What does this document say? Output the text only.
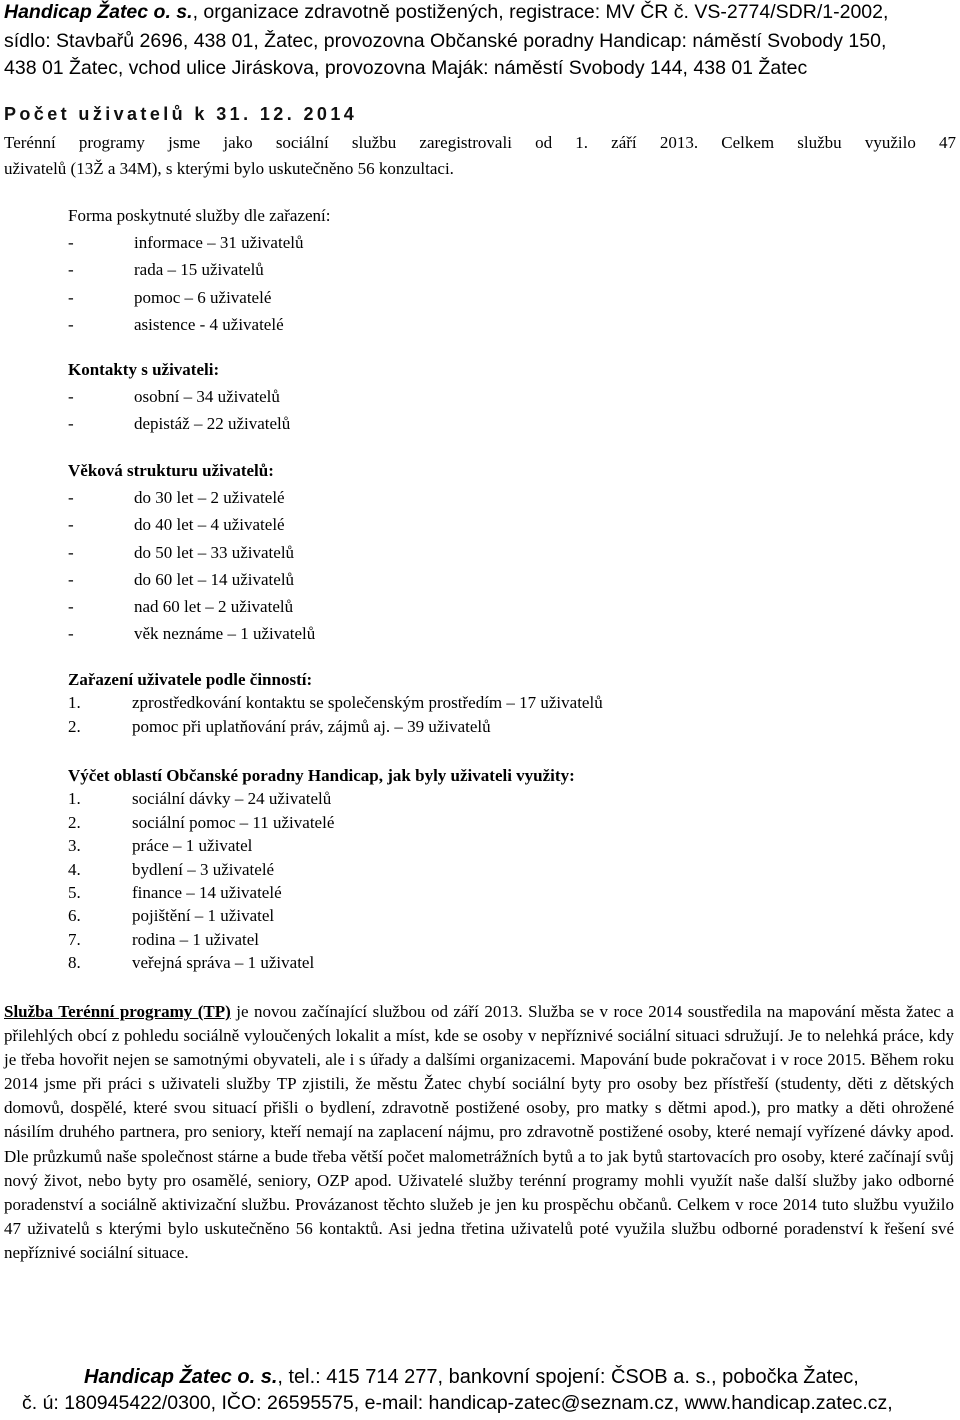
Handicap Žatec o. s., organizace zdravotně postižených, registrace: MV ČR č. VS-2774/SDR/1-2002,
sídlo: Stavbařů 2696, 438 01, Žatec, provozovna Občanské poradny Handicap: náměstí Svobody 150,
438 01 Žatec, vchod ulice Jiráskova, provozovna Maják: náměstí Svobody 144, 438 01 Žatec
Počet uživatelů k 31. 12. 2014
Terénní programy jsme jako sociální službu zaregistrovali od 1. září 2013. Celkem službu využilo 47
uživatelů (13Ž a 34M), s kterými bylo uskutečněno 56 konzultaci.
Forma poskytnuté služby dle zařazení:
-	informace – 31 uživatelů
-	rada – 15 uživatelů
-	pomoc – 6 uživatelé
-	asistence - 4 uživatelé
Kontakty s uživateli:
-	osobní – 34 uživatelů
-	depistáž – 22 uživatelů
Věková strukturu uživatelů:
-	do 30 let – 2 uživatelé
-	do 40 let – 4 uživatelé
-	do 50 let – 33 uživatelů
-	do 60 let – 14 uživatelů
-	nad 60 let – 2 uživatelů
-	věk neznáme – 1 uživatelů
Zařazení uživatele podle činností:
1.	zprostředkování kontaktu se společenským prostředím – 17 uživatelů
2.	pomoc při uplatňování práv, zájmů aj. – 39 uživatelů
Výčet oblastí Občanské poradny Handicap, jak byly uživateli využity:
1.	sociální dávky – 24 uživatelů
2.	sociální pomoc – 11 uživatelé
3.	práce – 1 uživatel
4.	bydlení – 3 uživatelé
5.	finance – 14 uživatelé
6.	pojištění – 1 uživatel
7.	rodina – 1 uživatel
8.	veřejná správa – 1 uživatel
Služba Terénní programy (TP) je novou začínající službou od září 2013. Služba se v roce 2014 soustředila na mapování města žatec a přilehlých obcí z pohledu sociálně vyloučených lokalit a míst, kde se osoby v nepříznivé sociální situaci sdružují. Je to nelehká práce, kdy je třeba hovořit nejen se samotnými obyvateli, ale i s úřady a dalšími organizacemi. Mapování bude pokračovat i v roce 2015. Během roku 2014 jsme při práci s uživateli služby TP zjistili, že městu Žatec chybí sociální byty pro osoby bez přístřeší (studenty, děti z dětských domovů, dospělé, které svou situací přišli o bydlení, zdravotně postižené osoby, pro matky s dětmi apod.), pro matky a děti ohrožené násilím druhého partnera, pro seniory, kteří nemají na zaplacení nájmu, pro zdravotně postižené osoby, které nemají vyřízené dávky apod. Dle průzkumů naše společnost stárne a bude třeba větší počet malometrážních bytů a to jak bytů startovacích pro osoby, které začínají svůj nový život, nebo byty pro osamělé, seniory, OZP apod. Uživatelé služby terénní programy mohli využít naše další služby jako odborné poradenství a sociálně aktivizační službu. Provázanost těchto služeb je jen ku prospěchu občanů. Celkem v roce 2014 tuto službu využilo 47 uživatelů s kterými bylo uskutečněno 56 kontaktů. Asi jedna třetina uživatelů poté využila službu odborné poradenství k řešení své nepříznivé sociální situace.
Handicap Žatec o. s., tel.: 415 714 277, bankovní spojení: ČSOB a. s., pobočka Žatec,
č. ú: 180945422/0300, IČO: 26595575, e-mail: handicap-zatec@seznam.cz, www.handicap.zatec.cz,
